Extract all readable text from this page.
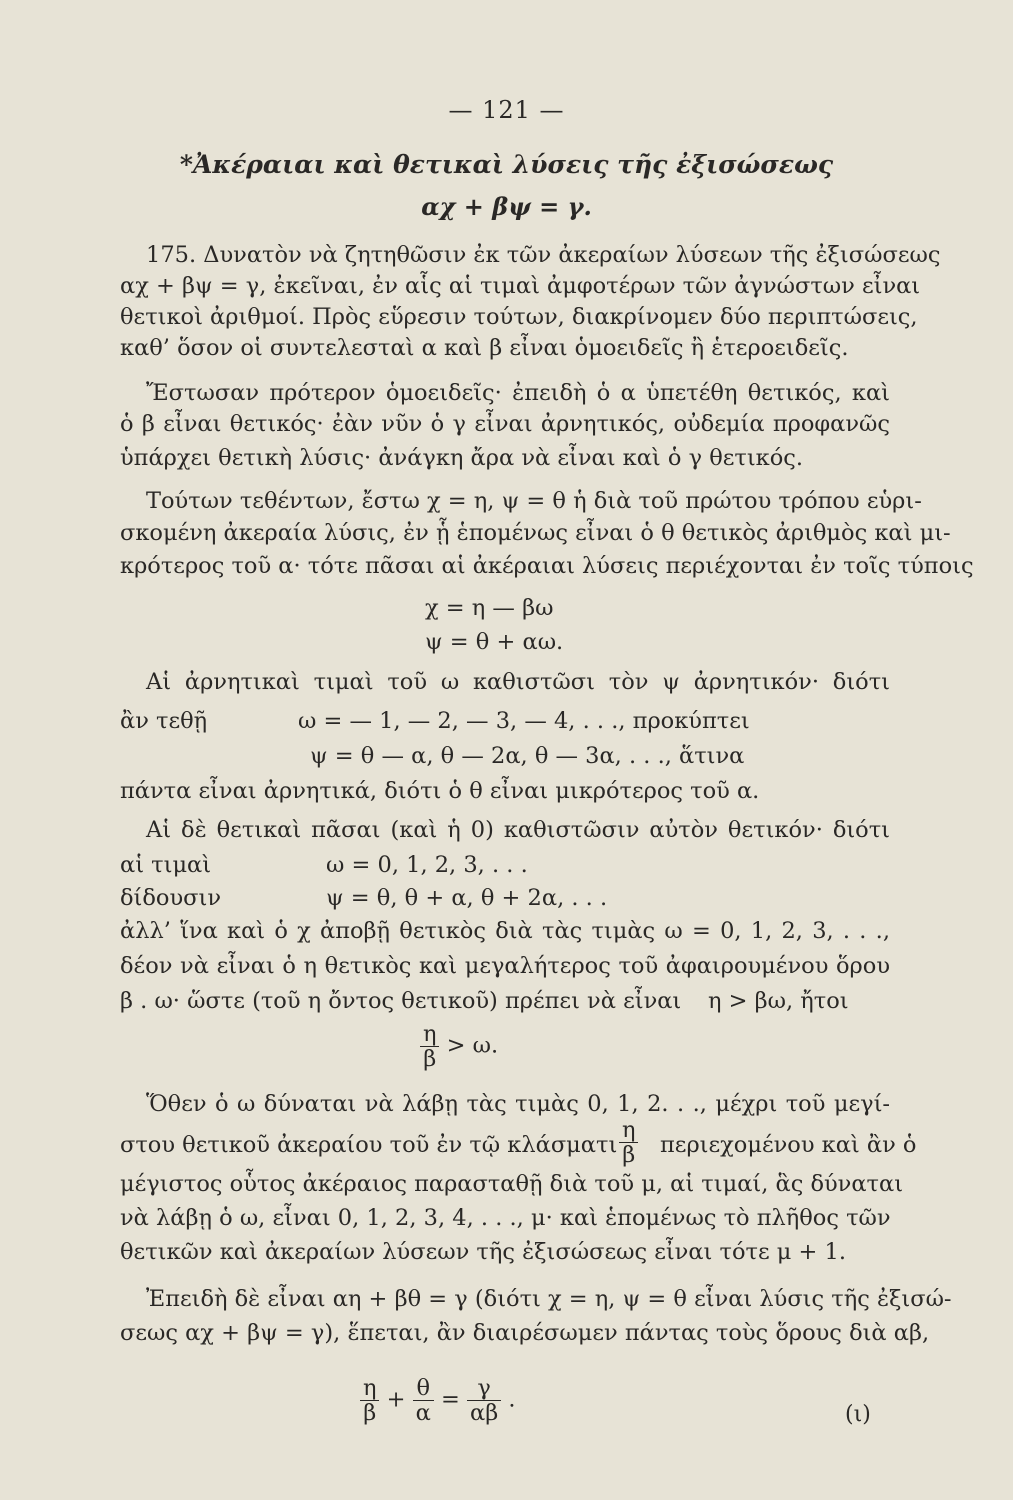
— 121 —
*Ἀκέραιαι καὶ θετικαὶ λύσεις τῆς ἐξισώσεως
αχ + βψ = γ.
175. Δυνατὸν νὰ ζητηθῶσιν ἐκ τῶν ἀκεραίων λύσεων τῆς ἐξισώσεως
αχ + βψ = γ, ἐκεῖναι, ἐν αἷς αἱ τιμαὶ ἀμφοτέρων τῶν ἀγνώστων εἶναι
θετικοὶ ἀριθμοί. Πρὸς εὕρεσιν τούτων, διακρίνομεν δύο περιπτώσεις,
καθ’ ὅσον οἱ συντελεσταὶ α καὶ β εἶναι ὁμοειδεῖς ἢ ἑτεροειδεῖς.
Ἔστωσαν πρότερον ὁμοειδεῖς· ἐπειδὴ ὁ α ὑπετέθη θετικός, καὶ
ὁ β εἶναι θετικός· ἐὰν νῦν ὁ γ εἶναι ἀρνητικός, οὐδεμία προφανῶς
ὑπάρχει θετικὴ λύσις· ἀνάγκη ἄρα νὰ εἶναι καὶ ὁ γ θετικός.
Τούτων τεθέντων, ἔστω χ = η, ψ = θ ἡ διὰ τοῦ πρώτου τρόπου εὑρι-
σκομένη ἀκεραία λύσις, ἐν ᾗ ἑπομένως εἶναι ὁ θ θετικὸς ἀριθμὸς καὶ μι-
κρότερος τοῦ α· τότε πᾶσαι αἱ ἀκέραιαι λύσεις περιέχονται ἐν τοῖς τύποις
χ = η — βω
ψ = θ + αω.
Αἱ ἀρνητικαὶ τιμαὶ τοῦ ω καθιστῶσι τὸν ψ ἀρνητικόν· διότι
ἂν τεθῇ	ω = — 1, — 2, — 3, — 4, . . ., προκύπτει
ψ = θ — α, θ — 2α, θ — 3α, . . ., ἅτινα
πάντα εἶναι ἀρνητικά, διότι ὁ θ εἶναι μικρότερος τοῦ α.
Αἱ δὲ θετικαὶ πᾶσαι (καὶ ἡ 0) καθιστῶσιν αὐτὸν θετικόν· διότι
αἱ τιμαὶ	ω = 0, 1, 2, 3, . . .
δίδουσιν	ψ = θ, θ + α, θ + 2α, . . .
ἀλλ’ ἵνα καὶ ὁ χ ἀποβῇ θετικὸς διὰ τὰς τιμὰς ω = 0, 1, 2, 3, . . .,
δέον νὰ εἶναι ὁ η θετικὸς καὶ μεγαλήτερος τοῦ ἀφαιρουμένου ὅρου
β . ω· ὥστε (τοῦ η ὄντος θετικοῦ) πρέπει νὰ εἶναι η > βω, ἤτοι
$\frac{\eta}{\beta} > \omega$.
Ὅθεν ὁ ω δύναται νὰ λάβῃ τὰς τιμὰς 0, 1, 2. . ., μέχρι τοῦ μεγί-
στου θετικοῦ ἀκεραίου τοῦ ἐν τῷ κλάσματι $\frac{\eta}{\beta}$ περιεχομένου καὶ ἂν ὁ
μέγιστος οὗτος ἀκέραιος παρασταθῇ διὰ τοῦ μ, αἱ τιμαί, ἃς δύναται
νὰ λάβῃ ὁ ω, εἶναι 0, 1, 2, 3, 4, . . ., μ· καὶ ἑπομένως τὸ πλῆθος τῶν
θετικῶν καὶ ἀκεραίων λύσεων τῆς ἐξισώσεως εἶναι τότε μ + 1.
Ἐπειδὴ δὲ εἶναι αη + βθ = γ (διότι χ = η, ψ = θ εἶναι λύσις τῆς ἐξισώ-
σεως αχ + βψ = γ), ἕπεται, ἂν διαιρέσωμεν πάντας τοὺς ὅρους διὰ αβ,
$\frac{\eta}{\beta} + \frac{\theta}{\alpha} = \frac{\gamma}{\alpha\beta}$ .
(ι)
